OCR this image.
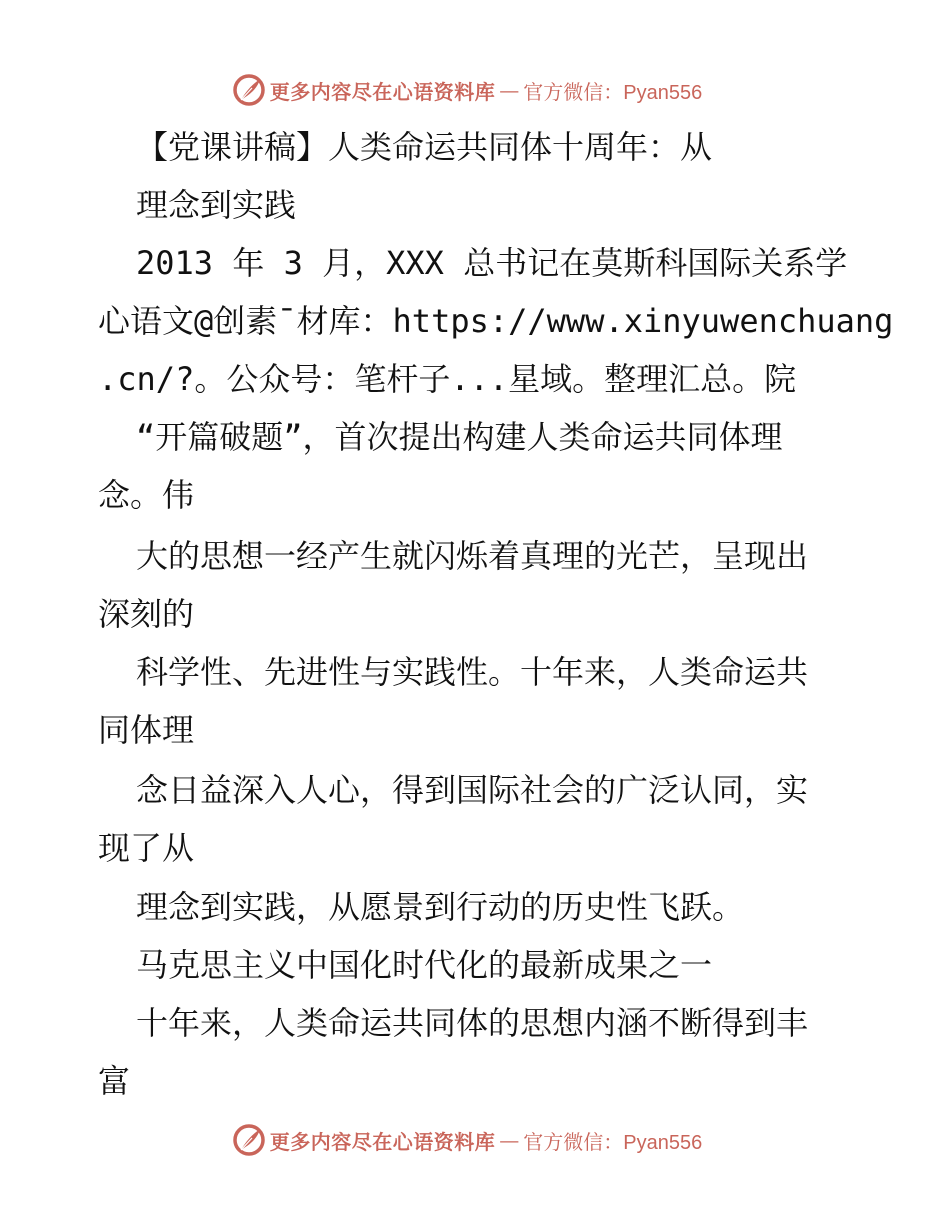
更多内容尽在心语资料库 — 官方微信：Pyan556

【党课讲稿】人类命运共同体十周年：从

理念到实践

2013 年 3 月，XXX 总书记在莫斯科国际关系学

心语文@创素¯材库：https://www.xinyuwenchuang

.cn/?。公众号：笔杆子...星域。整理汇总。院

“开篇破题”，首次提出构建人类命运共同体理

念。伟

大的思想一经产生就闪烁着真理的光芒，呈现出

深刻的

科学性、先进性与实践性。十年来，人类命运共

同体理

念日益深入人心，得到国际社会的广泛认同，实

现了从

理念到实践，从愿景到行动的历史性飞跃。

马克思主义中国化时代化的最新成果之一

十年来，人类命运共同体的思想内涵不断得到丰

富

更多内容尽在心语资料库 — 官方微信：Pyan556
